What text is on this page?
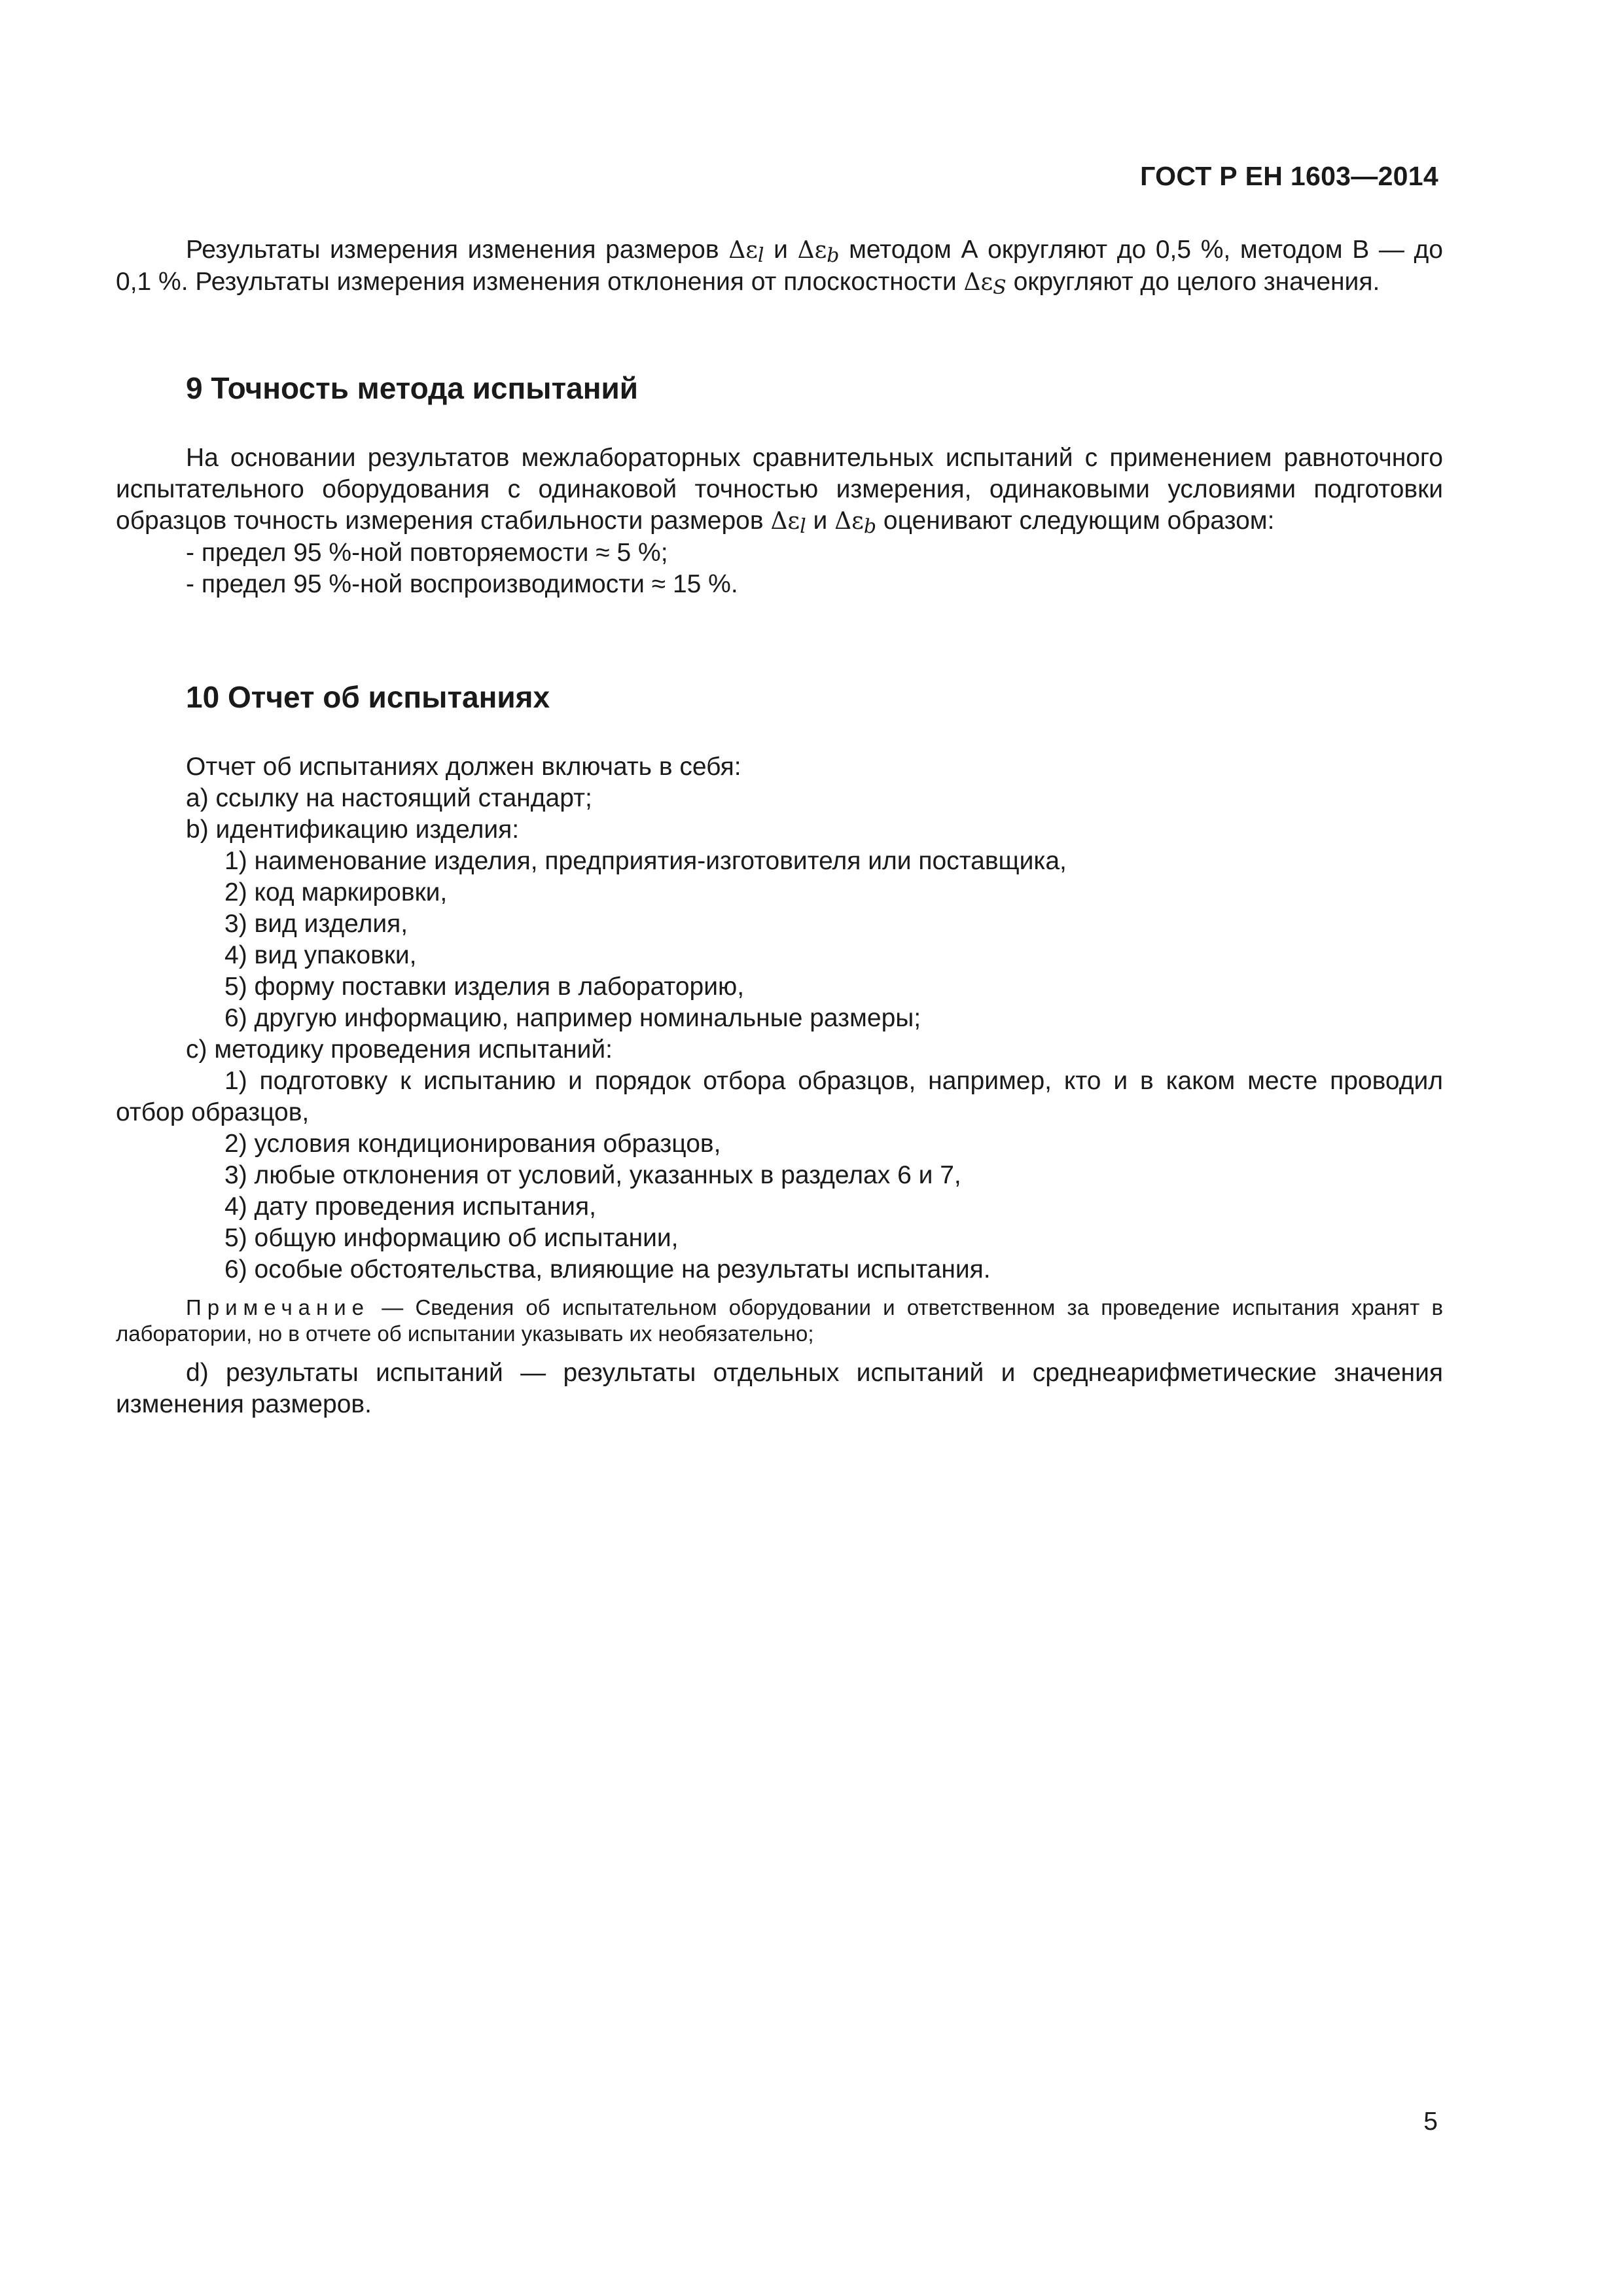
ГОСТ Р ЕН 1603—2014

Результаты измерения изменения размеров $\Delta\varepsilon_l$ и $\Delta\varepsilon_b$ методом А округляют до 0,5 %, методом В — до 0,1 %. Результаты измерения изменения отклонения от плоскостности $\Delta\varepsilon_S$ округляют до целого значения.

9 Точность метода испытаний

На основании результатов межлабораторных сравнительных испытаний с применением равноточного испытательного оборудования с одинаковой точностью измерения, одинаковыми условиями подготовки образцов точность измерения стабильности размеров $\Delta\varepsilon_l$ и $\Delta\varepsilon_b$ оценивают следующим образом:

- предел 95 %-ной повторяемости ≈ 5 %;
- предел 95 %-ной воспроизводимости ≈ 15 %.
10 Отчет об испытаниях
Отчет об испытаниях должен включать в себя:
a) ссылку на настоящий стандарт;
b) идентификацию изделия:
1) наименование изделия, предприятия-изготовителя или поставщика,
2) код маркировки,
3) вид изделия,
4) вид упаковки,
5) форму поставки изделия в лабораторию,
6) другую информацию, например номинальные размеры;
c) методику проведения испытаний:

1) подготовку к испытанию и порядок отбора образцов, например, кто и в каком месте проводил отбор образцов,

2) условия кондиционирования образцов,
3) любые отклонения от условий, указанных в разделах 6 и 7,
4) дату проведения испытания,
5) общую информацию об испытании,
6) особые обстоятельства, влияющие на результаты испытания.

Примечание — Сведения об испытательном оборудовании и ответственном за проведение испытания хранят в лаборатории, но в отчете об испытании указывать их необязательно;

d) результаты испытаний — результаты отдельных испытаний и среднеарифметические значения изменения размеров.

5
